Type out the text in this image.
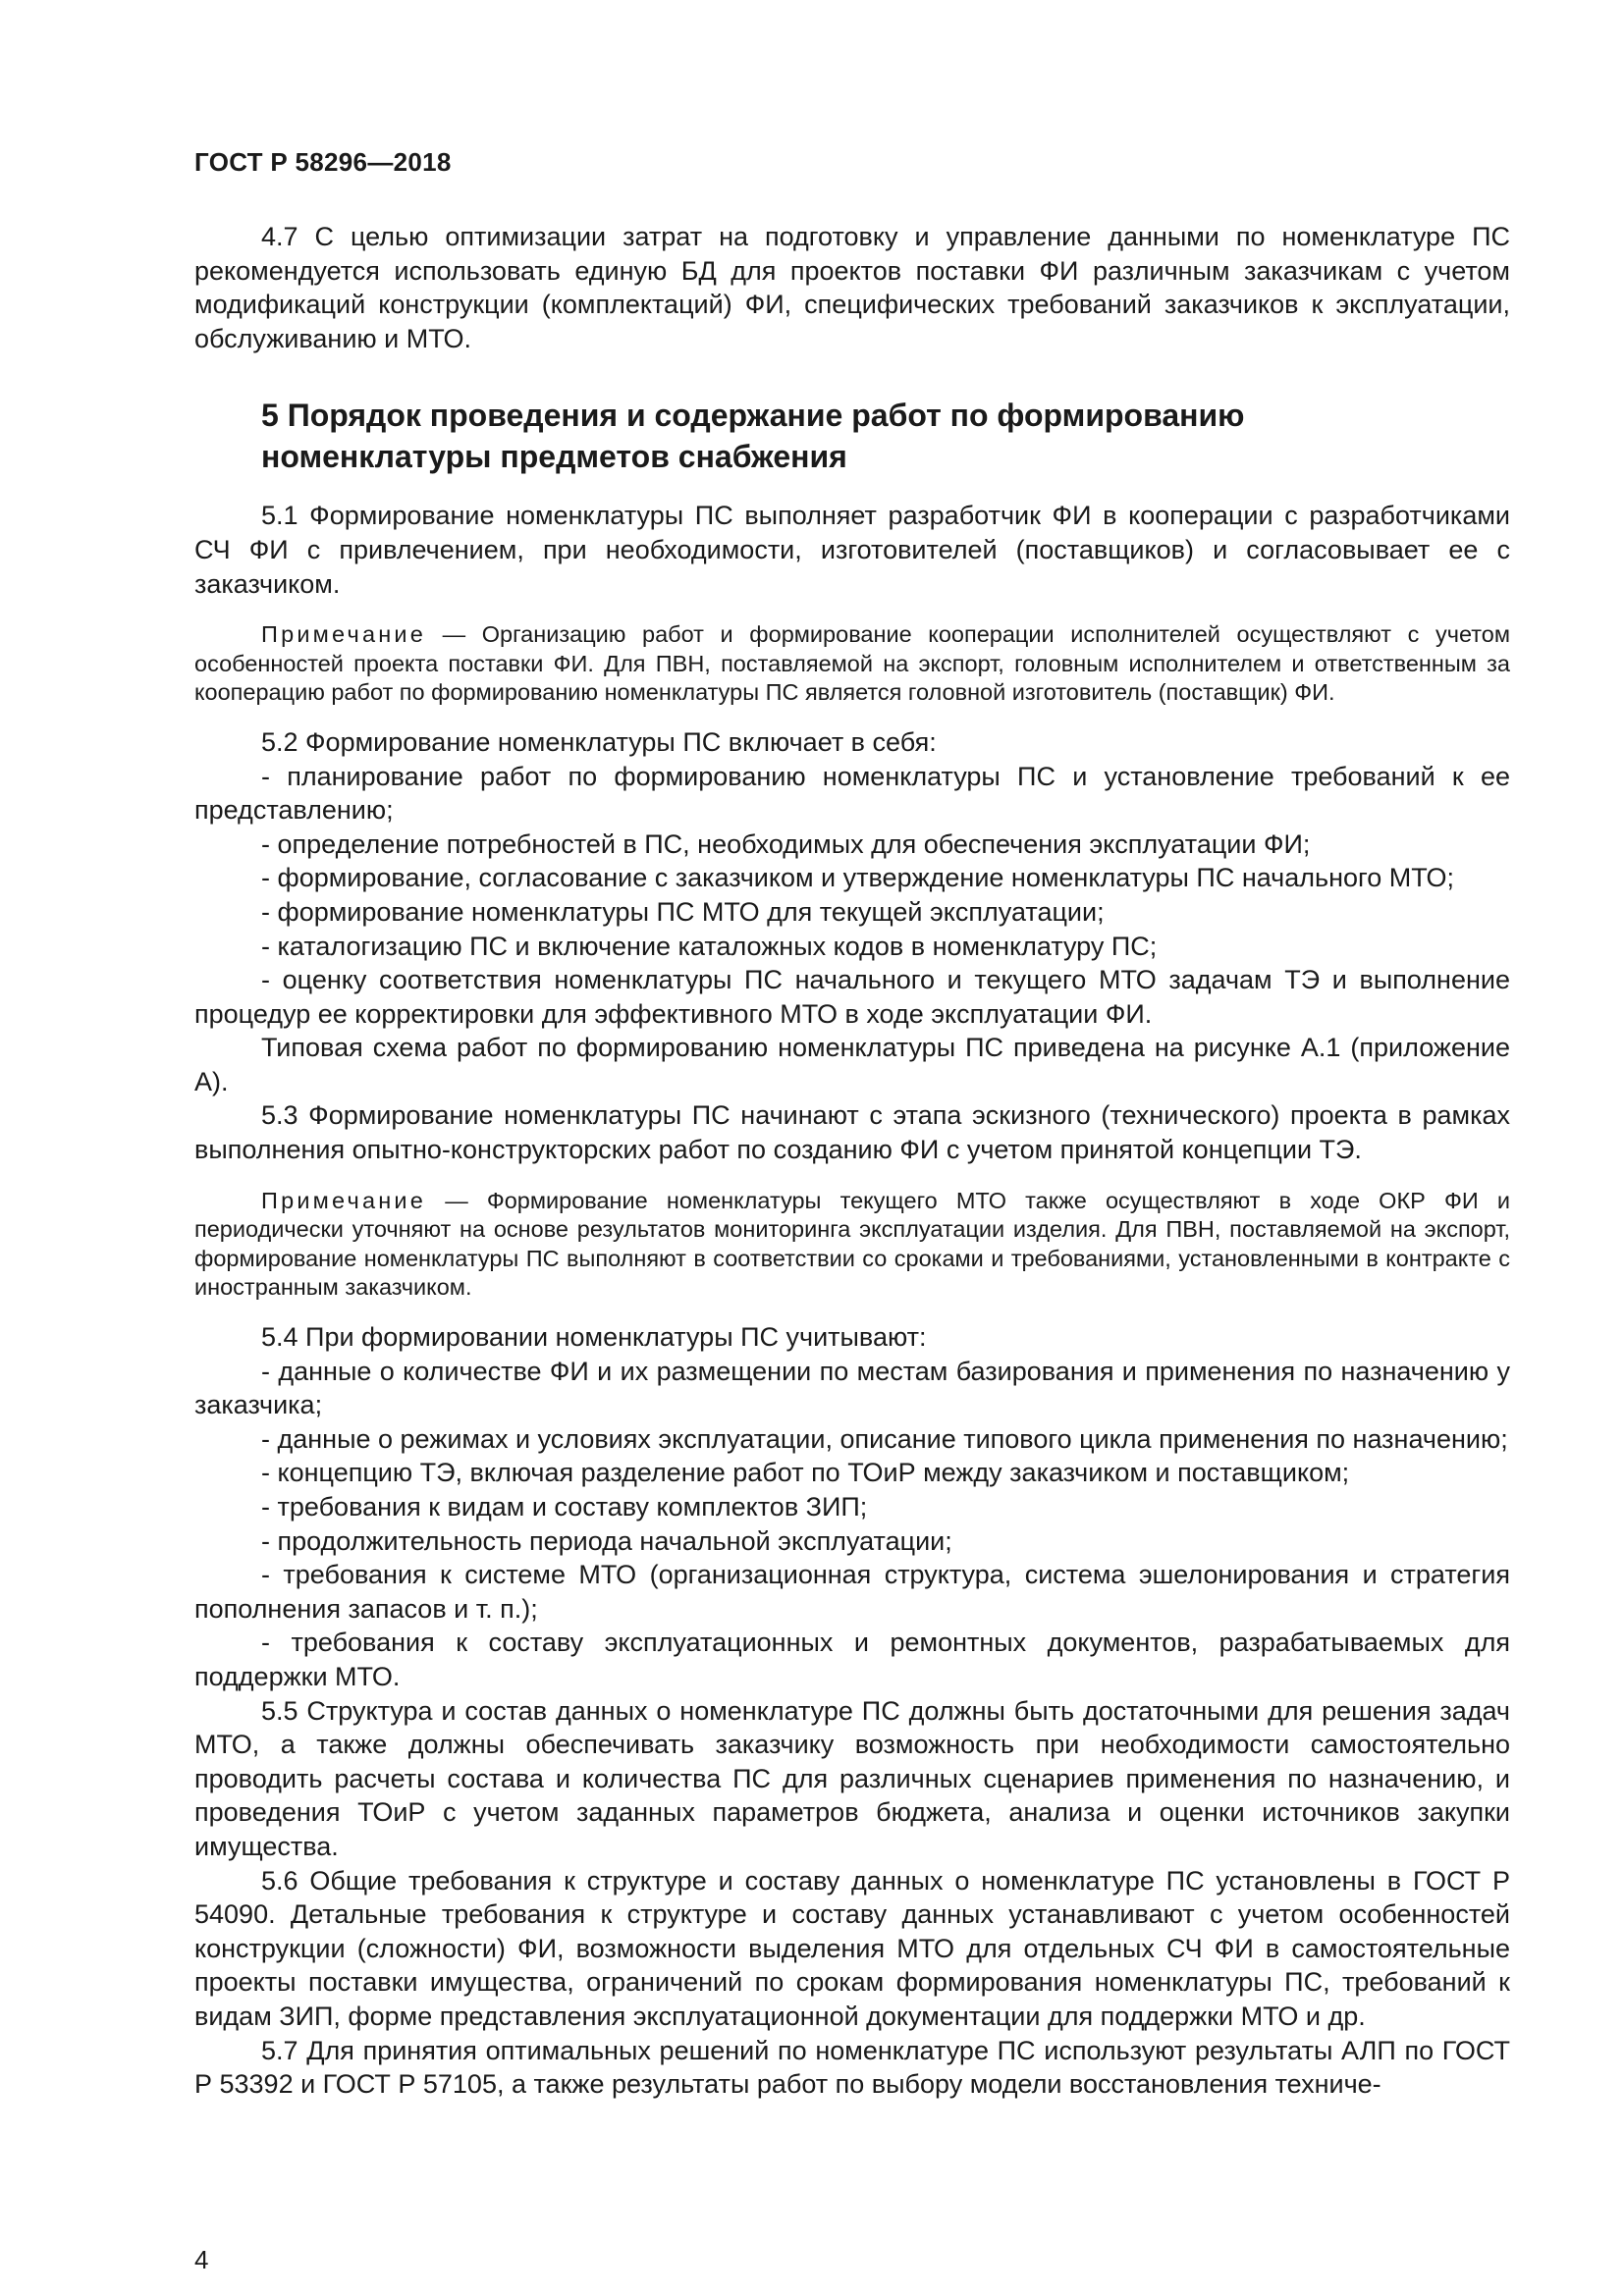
ГОСТ Р 58296—2018

4.7 С целью оптимизации затрат на подготовку и управление данными по номенклатуре ПС рекомендуется использовать единую БД для проектов поставки ФИ различным заказчикам с учетом модификаций конструкции (комплектаций) ФИ, специфических требований заказчиков к эксплуатации, обслуживанию и МТО.

5 Порядок проведения и содержание работ по формированию
номенклатуры предметов снабжения

5.1 Формирование номенклатуры ПС выполняет разработчик ФИ в кооперации с разработчиками СЧ ФИ с привлечением, при необходимости, изготовителей (поставщиков) и согласовывает ее с заказчиком.

Примечание — Организацию работ и формирование кооперации исполнителей осуществляют с учетом особенностей проекта поставки ФИ. Для ПВН, поставляемой на экспорт, головным исполнителем и ответственным за кооперацию работ по формированию номенклатуры ПС является головной изготовитель (поставщик) ФИ.

5.2 Формирование номенклатуры ПС включает в себя:

- планирование работ по формированию номенклатуры ПС и установление требований к ее представлению;

- определение потребностей в ПС, необходимых для обеспечения эксплуатации ФИ;

- формирование, согласование с заказчиком и утверждение номенклатуры ПС начального МТО;

- формирование номенклатуры ПС МТО для текущей эксплуатации;

- каталогизацию ПС и включение каталожных кодов в номенклатуру ПС;

- оценку соответствия номенклатуры ПС начального и текущего МТО задачам ТЭ и выполнение процедур ее корректировки для эффективного МТО в ходе эксплуатации ФИ.

Типовая схема работ по формированию номенклатуры ПС приведена на рисунке А.1 (приложение А).

5.3 Формирование номенклатуры ПС начинают с этапа эскизного (технического) проекта в рамках выполнения опытно-конструкторских работ по созданию ФИ с учетом принятой концепции ТЭ.

Примечание — Формирование номенклатуры текущего МТО также осуществляют в ходе ОКР ФИ и периодически уточняют на основе результатов мониторинга эксплуатации изделия. Для ПВН, поставляемой на экспорт, формирование номенклатуры ПС выполняют в соответствии со сроками и требованиями, установленными в контракте с иностранным заказчиком.

5.4 При формировании номенклатуры ПС учитывают:

- данные о количестве ФИ и их размещении по местам базирования и применения по назначению у заказчика;

- данные о режимах и условиях эксплуатации, описание типового цикла применения по назначению;

- концепцию ТЭ, включая разделение работ по ТОиР между заказчиком и поставщиком;

- требования к видам и составу комплектов ЗИП;

- продолжительность периода начальной эксплуатации;

- требования к системе МТО (организационная структура, система эшелонирования и стратегия пополнения запасов и т. п.);

- требования к составу эксплуатационных и ремонтных документов, разрабатываемых для поддержки МТО.

5.5 Структура и состав данных о номенклатуре ПС должны быть достаточными для решения задач МТО, а также должны обеспечивать заказчику возможность при необходимости самостоятельно проводить расчеты состава и количества ПС для различных сценариев применения по назначению, и проведения ТОиР с учетом заданных параметров бюджета, анализа и оценки источников закупки имущества.

5.6 Общие требования к структуре и составу данных о номенклатуре ПС установлены в ГОСТ Р 54090. Детальные требования к структуре и составу данных устанавливают с учетом особенностей конструкции (сложности) ФИ, возможности выделения МТО для отдельных СЧ ФИ в самостоятельные проекты поставки имущества, ограничений по срокам формирования номенклатуры ПС, требований к видам ЗИП, форме представления эксплуатационной документации для поддержки МТО и др.

5.7 Для принятия оптимальных решений по номенклатуре ПС используют результаты АЛП по ГОСТ Р 53392 и ГОСТ Р 57105, а также результаты работ по выбору модели восстановления техниче-

4
